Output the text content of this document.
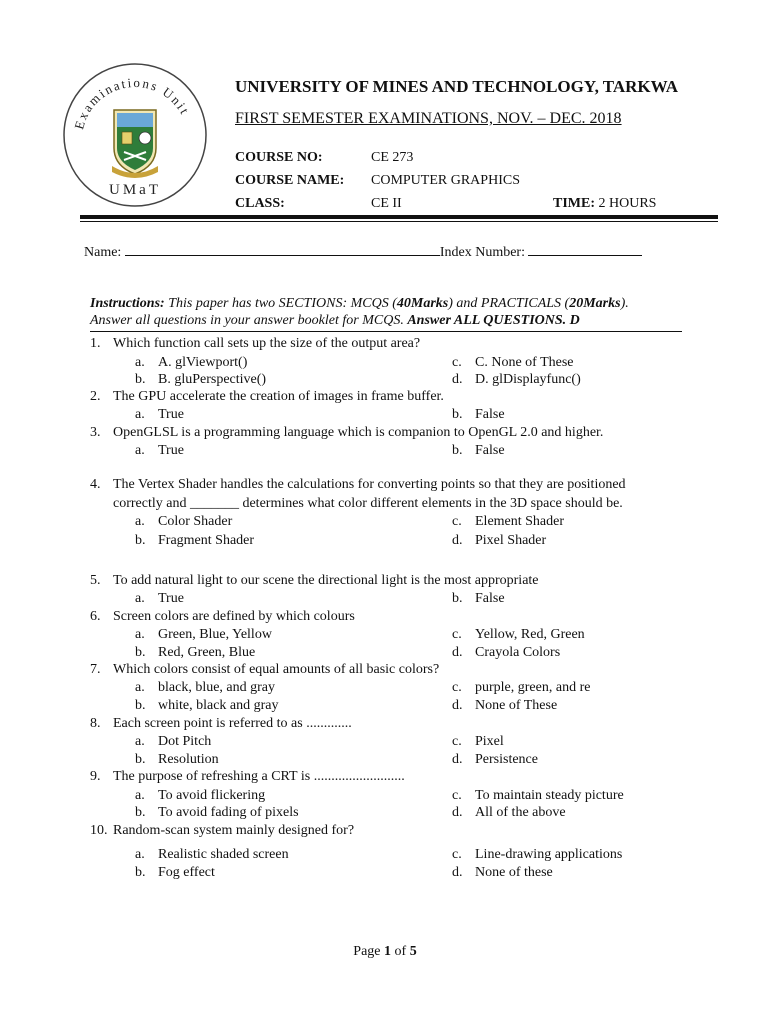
Examinations Unit
UMaT
UNIVERSITY OF MINES AND TECHNOLOGY, TARKWA
FIRST SEMESTER EXAMINATIONS, NOV. – DEC. 2018
COURSE NO:	CE 273
COURSE NAME: COMPUTER GRAPHICS
CLASS:	CE II	TIME: 2 HOURS
Name:	Index Number:
Instructions: This paper has two SECTIONS: MCQS (40Marks) and PRACTICALS (20Marks).
Answer all questions in your answer booklet for MCQS. Answer ALL QUESTIONS. D
1. Which function call sets up the size of the output area?
a. A. glViewport()	c. C. None of These
b. B. gluPerspective()	d. D. glDisplayfunc()
2. The GPU accelerate the creation of images in frame buffer.
a. True	b. False
3. OpenGLSL is a programming language which is companion to OpenGL 2.0 and higher.
a. True	b. False
4. The Vertex Shader handles the calculations for converting points so that they are positioned
correctly and _______ determines what color different elements in the 3D space should be.
a. Color Shader	c. Element Shader
b. Fragment Shader	d. Pixel Shader
5. To add natural light to our scene the directional light is the most appropriate
a. True	b. False
6. Screen colors are defined by which colours
a. Green, Blue, Yellow	c. Yellow, Red, Green
b. Red, Green, Blue	d. Crayola Colors
7. Which colors consist of equal amounts of all basic colors?
a. black, blue, and gray	c. purple, green, and re
b. white, black and gray	d. None of These
8. Each screen point is referred to as .............
a. Dot Pitch	c. Pixel
b. Resolution	d. Persistence
9. The purpose of refreshing a CRT is ..........................
a. To avoid flickering	c. To maintain steady picture
b. To avoid fading of pixels	d. All of the above
10. Random-scan system mainly designed for?
a. Realistic shaded screen	c. Line-drawing applications
b. Fog effect	d. None of these
Page 1 of 5
